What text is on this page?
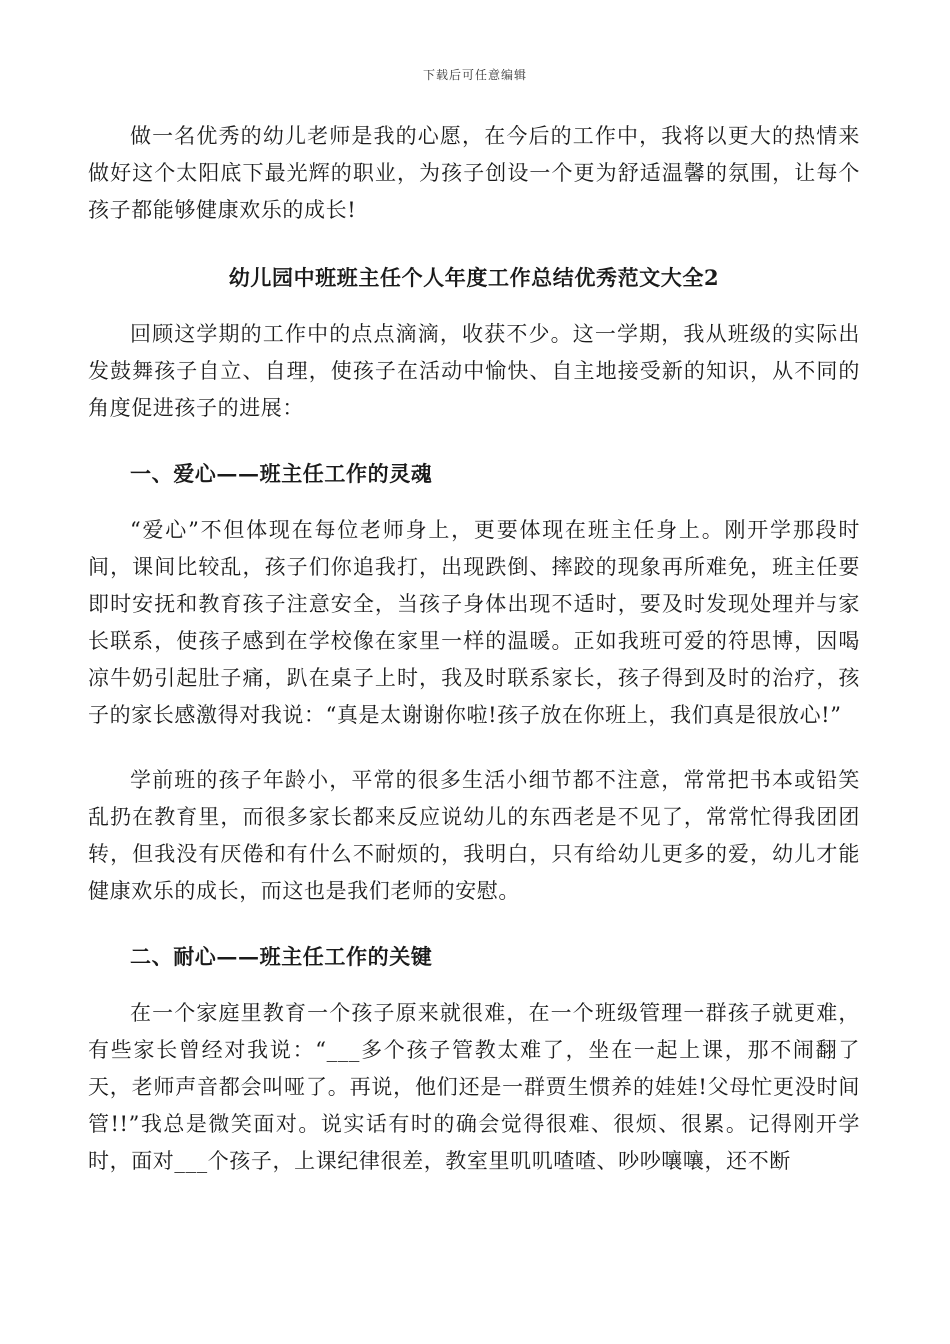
下载后可任意编辑

做一名优秀的幼儿老师是我的心愿，在今后的工作中，我将以更大的热情来做好这个太阳底下最光辉的职业，为孩子创设一个更为舒适温馨的氛围，让每个孩子都能够健康欢乐的成长!

幼儿园中班班主任个人年度工作总结优秀范文大全2

回顾这学期的工作中的点点滴滴，收获不少。这一学期，我从班级的实际出发鼓舞孩子自立、自理，使孩子在活动中愉快、自主地接受新的知识，从不同的角度促进孩子的进展：

一、爱心——班主任工作的灵魂

“爱心”不但体现在每位老师身上，更要体现在班主任身上。刚开学那段时间，课间比较乱，孩子们你追我打，出现跌倒、摔跤的现象再所难免，班主任要即时安抚和教育孩子注意安全，当孩子身体出现不适时，要及时发现处理并与家长联系，使孩子感到在学校像在家里一样的温暖。正如我班可爱的符思博，因喝凉牛奶引起肚子痛，趴在桌子上时，我及时联系家长，孩子得到及时的治疗，孩子的家长感激得对我说：“真是太谢谢你啦!孩子放在你班上，我们真是很放心!”

学前班的孩子年龄小，平常的很多生活小细节都不注意，常常把书本或铅笑乱扔在教育里，而很多家长都来反应说幼儿的东西老是不见了，常常忙得我团团转，但我没有厌倦和有什么不耐烦的，我明白，只有给幼儿更多的爱，幼儿才能健康欢乐的成长，而这也是我们老师的安慰。

二、耐心——班主任工作的关键

在一个家庭里教育一个孩子原来就很难，在一个班级管理一群孩子就更难，有些家长曾经对我说：“___多个孩子管教太难了，坐在一起上课，那不闹翻了天，老师声音都会叫哑了。再说，他们还是一群贾生惯养的娃娃!父母忙更没时间管!!”我总是微笑面对。说实话有时的确会觉得很难、很烦、很累。记得刚开学时，面对___个孩子，上课纪律很差，教室里叽叽喳喳、吵吵嚷嚷，还不断
